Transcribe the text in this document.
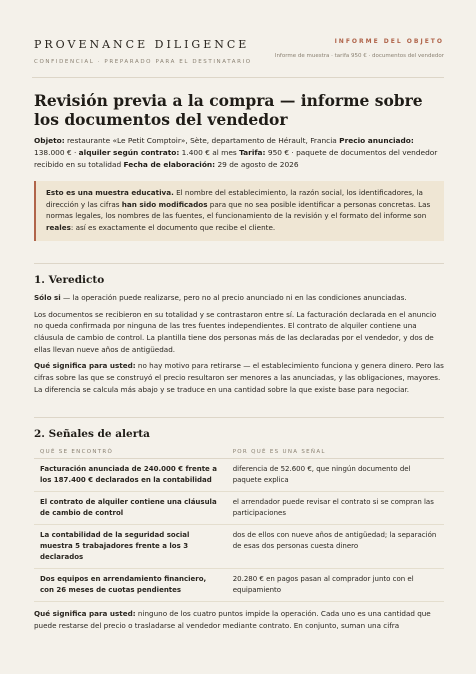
PROVENANCE DILIGENCE
CONFIDENCIAL · PREPARADO PARA EL DESTINATARIO
INFORME DEL OBJETO
Informe de muestra · tarifa 950 € · documentos del vendedor
Revisión previa a la compra — informe sobre los documentos del vendedor
Objeto: restaurante «Le Petit Comptoir», Sète, departamento de Hérault, Francia Precio anunciado: 138.000 € · alquiler según contrato: 1.400 € al mes Tarifa: 950 € · paquete de documentos del vendedor recibido en su totalidad Fecha de elaboración: 29 de agosto de 2026
Esto es una muestra educativa. El nombre del establecimiento, la razón social, los identificadores, la dirección y las cifras han sido modificados para que no sea posible identificar a personas concretas. Las normas legales, los nombres de las fuentes, el funcionamiento de la revisión y el formato del informe son reales: así es exactamente el documento que recibe el cliente.
1. Veredicto

Sólo si — la operación puede realizarse, pero no al precio anunciado ni en las condiciones anunciadas.

Los documentos se recibieron en su totalidad y se contrastaron entre sí. La facturación declarada en el anuncio no queda confirmada por ninguna de las tres fuentes independientes. El contrato de alquiler contiene una cláusula de cambio de control. La plantilla tiene dos personas más de las declaradas por el vendedor, y dos de ellas llevan nueve años de antigüedad.

Qué significa para usted: no hay motivo para retirarse — el establecimiento funciona y genera dinero. Pero las cifras sobre las que se construyó el precio resultaron ser menores a las anunciadas, y las obligaciones, mayores. La diferencia se calcula más abajo y se traduce en una cantidad sobre la que existe base para negociar.

2. Señales de alerta
QUÉ SE ENCONTRÓ	POR QUÉ ES UNA SEÑAL
Facturación anunciada de 240.000 € frente a los 187.400 € declarados en la contabilidad	diferencia de 52.600 €, que ningún documento del paquete explica
El contrato de alquiler contiene una cláusula de cambio de control	el arrendador puede revisar el contrato si se compran las participaciones
La contabilidad de la seguridad social muestra 5 trabajadores frente a los 3 declarados	dos de ellos con nueve años de antigüedad; la separación de esas dos personas cuesta dinero
Dos equipos en arrendamiento financiero, con 26 meses de cuotas pendientes	20.280 € en pagos pasan al comprador junto con el equipamiento

Qué significa para usted: ninguno de los cuatro puntos impide la operación. Cada uno es una cantidad que puede restarse del precio o trasladarse al vendedor mediante contrato. En conjunto, suman una cifra
